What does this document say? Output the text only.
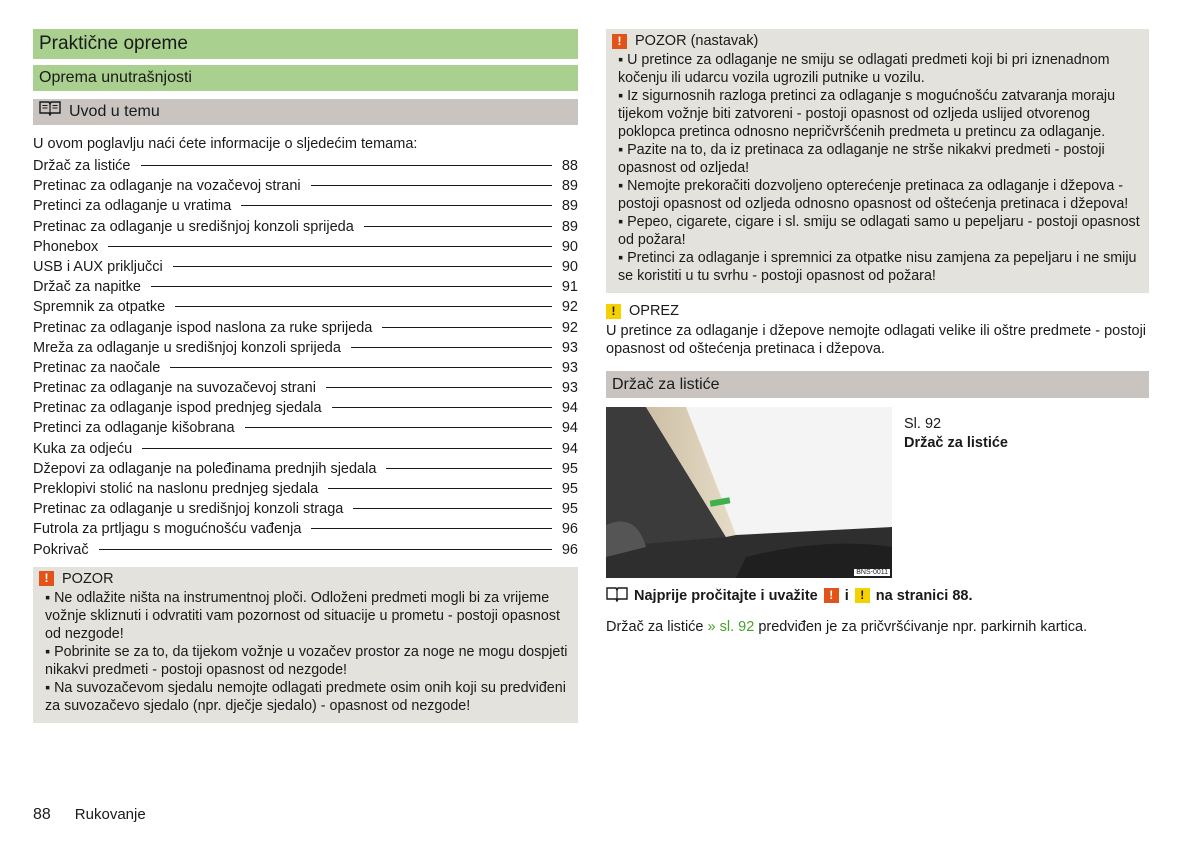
Praktične opreme
Oprema unutrašnjosti
Uvod u temu
U ovom poglavlju naći ćete informacije o sljedećim temama:
Držač za listiće	88
Pretinac za odlaganje na vozačevoj strani	89
Pretinci za odlaganje u vratima	89
Pretinac za odlaganje u središnjoj konzoli sprijeda	89
Phonebox	90
USB i AUX priključci	90
Držač za napitke	91
Spremnik za otpatke	92
Pretinac za odlaganje ispod naslona za ruke sprijeda	92
Mreža za odlaganje u središnjoj konzoli sprijeda	93
Pretinac za naočale	93
Pretinac za odlaganje na suvozačevoj strani	93
Pretinac za odlaganje ispod prednjeg sjedala	94
Pretinci za odlaganje kišobrana	94
Kuka za odjeću	94
Džepovi za odlaganje na poleđinama prednjih sjedala	95
Preklopivi stolić na naslonu prednjeg sjedala	95
Pretinac za odlaganje u središnjoj konzoli straga	95
Futrola za prtljagu s mogućnošću vađenja	96
Pokrivač	96
! POZOR
▪ Ne odlažite ništa na instrumentnoj ploči. Odloženi predmeti mogli bi za vrijeme vožnje skliznuti i odvratiti vam pozornost od situacije u prometu - postoji opasnost od nezgode!
▪ Pobrinite se za to, da tijekom vožnje u vozačev prostor za noge ne mogu dospjeti nikakvi predmeti - postoji opasnost od nezgode!
▪ Na suvozačevom sjedalu nemojte odlagati predmete osim onih koji su predviđeni za suvozačevo sjedalo (npr. dječje sjedalo) - opasnost od nezgode!
! POZOR (nastavak)
▪ U pretince za odlaganje ne smiju se odlagati predmeti koji bi pri iznenadnom kočenju ili udarcu vozila ugrozili putnike u vozilu.
▪ Iz sigurnosnih razloga pretinci za odlaganje s mogućnošću zatvaranja moraju tijekom vožnje biti zatvoreni - postoji opasnost od ozljeda uslijed otvorenog poklopca pretinca odnosno nepričvršćenih predmeta u pretincu za odlaganje.
▪ Pazite na to, da iz pretinaca za odlaganje ne strše nikakvi predmeti - postoji opasnost od ozljeda!
▪ Nemojte prekoračiti dozvoljeno opterećenje pretinaca za odlaganje i džepova - postoji opasnost od ozljeda odnosno opasnost od oštećenja pretinaca i džepova!
▪ Pepeo, cigarete, cigare i sl. smiju se odlagati samo u pepeljaru - postoji opasnost od požara!
▪ Pretinci za odlaganje i spremnici za otpatke nisu zamjena za pepeljaru i ne smiju se koristiti u tu svrhu - postoji opasnost od požara!
! OPREZ
U pretince za odlaganje i džepove nemojte odlagati velike ili oštre predmete - postoji opasnost od oštećenja pretinaca i džepova.
Držač za listiće
BNS-0011
Sl. 92
Držač za listiće
Najprije pročitajte i uvažite ! i ! na stranici 88.
Držač za listiće » sl. 92 predviđen je za pričvršćivanje npr. parkirnih kartica.
88 Rukovanje
